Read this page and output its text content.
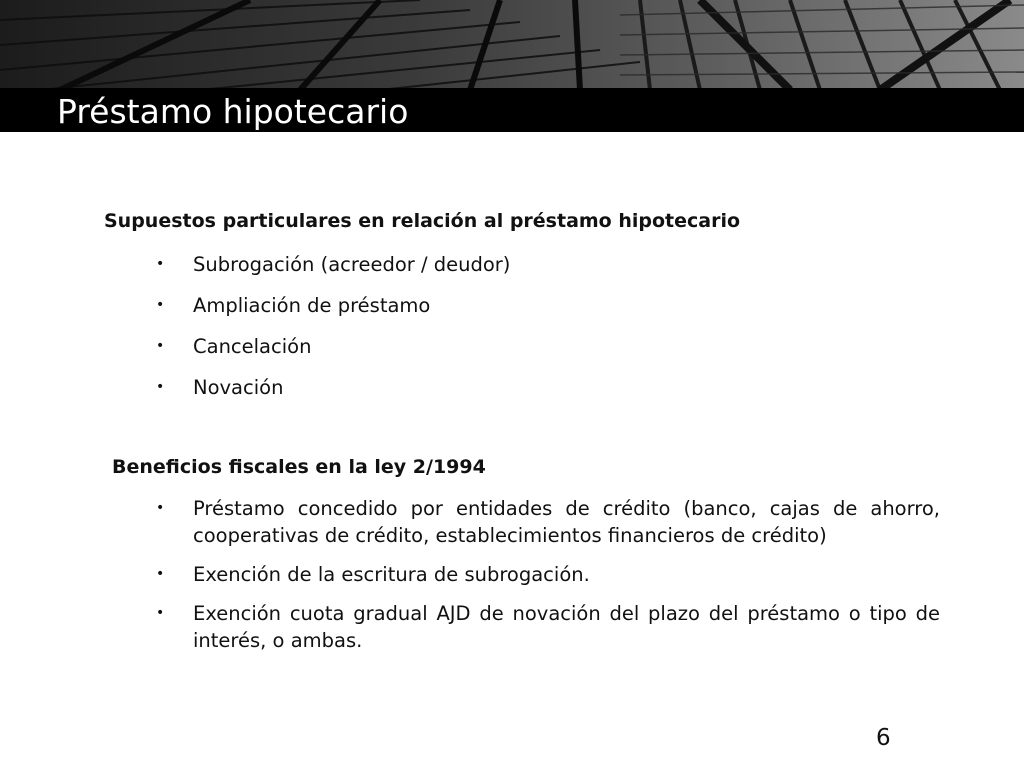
Préstamo hipotecario
Supuestos particulares en relación al préstamo hipotecario
• Subrogación (acreedor / deudor)
• Ampliación de préstamo
• Cancelación
• Novación
Beneficios fiscales en la ley 2/1994
• Préstamo concedido por entidades de crédito (banco, cajas de ahorro, cooperativas de crédito, establecimientos financieros de crédito)
• Exención de la escritura de subrogación.
• Exención cuota gradual AJD de novación del plazo del préstamo o tipo de interés, o ambas.
6
